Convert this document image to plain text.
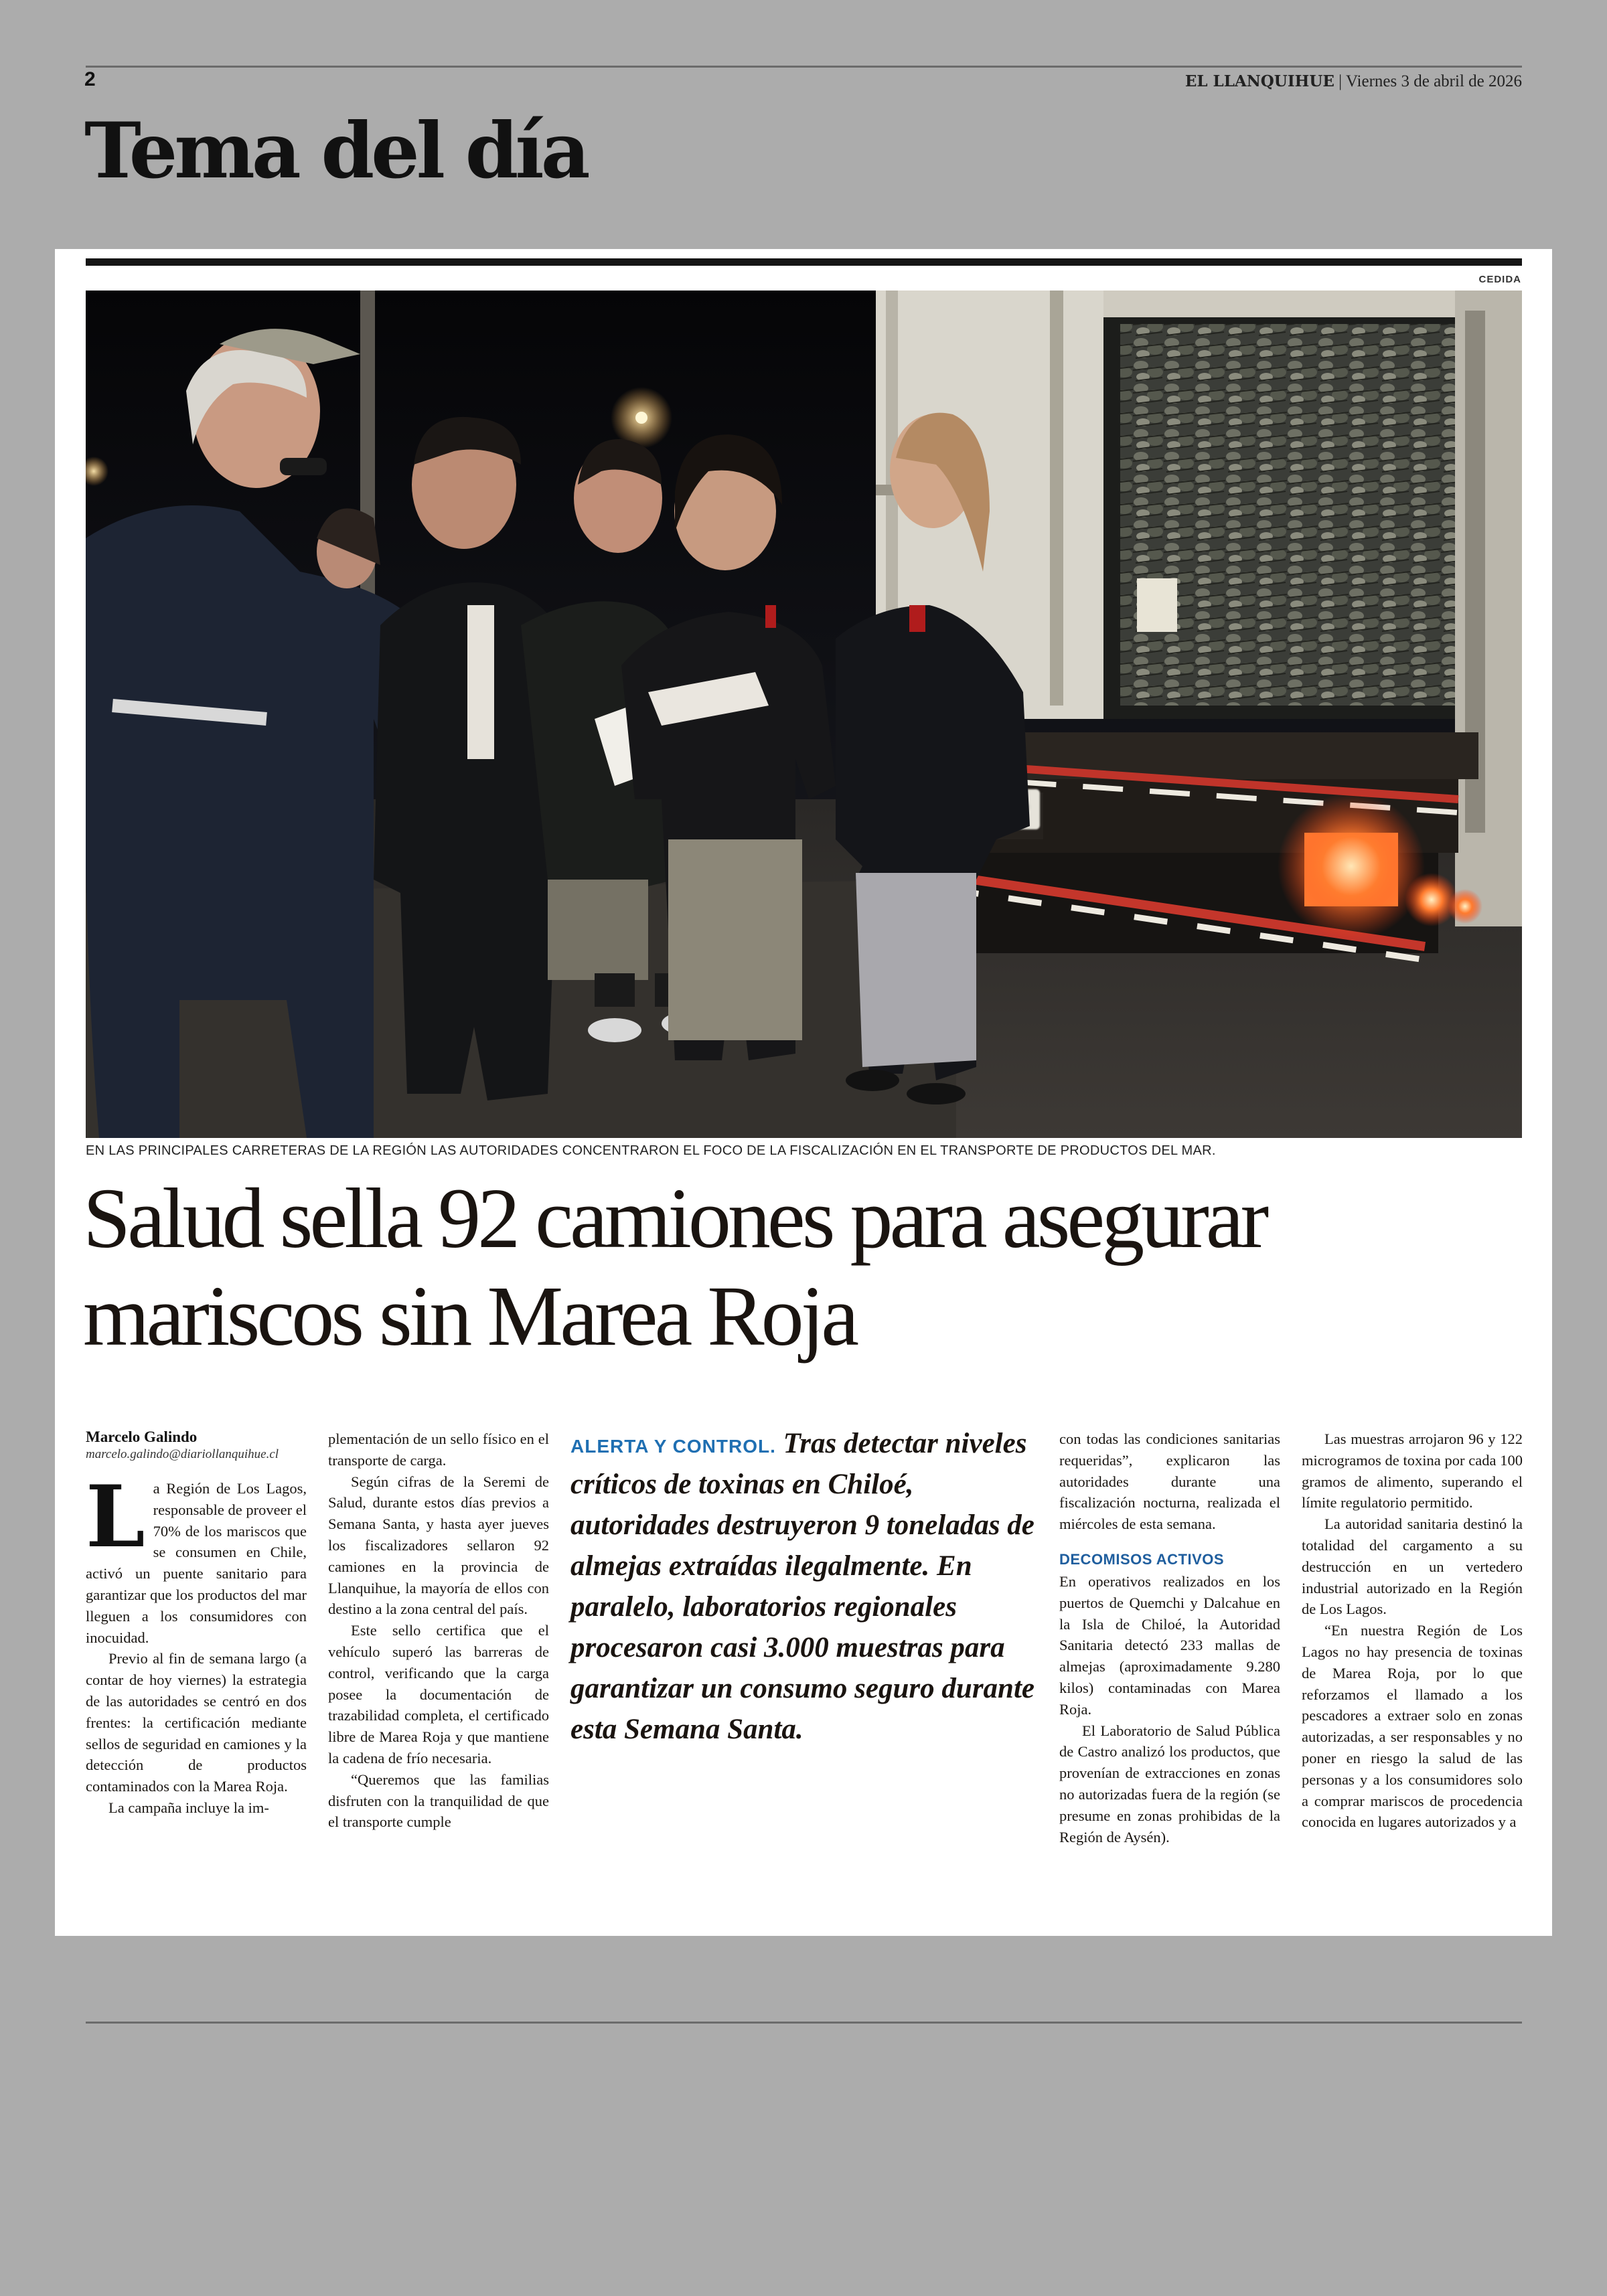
2	EL LLANQUIHUE | Viernes 3 de abril de 2026
Tema del día
CEDIDA
EN LAS PRINCIPALES CARRETERAS DE LA REGIÓN LAS AUTORIDADES CONCENTRARON EL FOCO DE LA FISCALIZACIÓN EN EL TRANSPORTE DE PRODUCTOS DEL MAR.
Salud sella 92 camiones para asegurar mariscos sin Marea Roja
Marcelo Galindo
marcelo.galindo@diariollanquihue.cl

La Región de Los Lagos, responsable de proveer el 70% de los mariscos que se consumen en Chile, activó un puente sanitario para garantizar que los productos del mar lleguen a los consumidores con inocuidad.

Previo al fin de semana largo (a contar de hoy viernes) la estrategia de las autoridades se centró en dos frentes: la certificación mediante sellos de seguridad en camiones y la detección de productos contaminados con la Marea Roja.

La campaña incluye la im-

plementación de un sello físico en el transporte de carga.

Según cifras de la Seremi de Salud, durante estos días previos a Semana Santa, y hasta ayer jueves los fiscalizadores sellaron 92 camiones en la provincia de Llanquihue, la mayoría de ellos con destino a la zona central del país.

Este sello certifica que el vehículo superó las barreras de control, verificando que la carga posee la documentación de trazabilidad completa, el certificado libre de Marea Roja y que mantiene la cadena de frío necesaria.

“Queremos que las familias disfruten con la tranquilidad de que el transporte cumple

ALERTA Y CONTROL. Tras detectar niveles críticos de toxinas en Chiloé, autoridades destruyeron 9 toneladas de almejas extraídas ilegalmente. En paralelo, laboratorios regionales procesaron casi 3.000 muestras para garantizar un consumo seguro durante esta Semana Santa.

con todas las condiciones sanitarias requeridas”, explicaron las autoridades durante una fiscalización nocturna, realizada el miércoles de esta semana.

DECOMISOS ACTIVOS

En operativos realizados en los puertos de Quemchi y Dalcahue en la Isla de Chiloé, la Autoridad Sanitaria detectó 233 mallas de almejas (aproximadamente 9.280 kilos) contaminadas con Marea Roja.

El Laboratorio de Salud Pública de Castro analizó los productos, que provenían de extracciones en zonas no autorizadas fuera de la región (se presume en zonas prohibidas de la Región de Aysén).

Las muestras arrojaron 96 y 122 microgramos de toxina por cada 100 gramos de alimento, superando el límite regulatorio permitido.

La autoridad sanitaria destinó la totalidad del cargamento a su destrucción en un vertedero industrial autorizado en la Región de Los Lagos.

“En nuestra Región de Los Lagos no hay presencia de toxinas de Marea Roja, por lo que reforzamos el llamado a los pescadores a extraer solo en zonas autorizadas, a ser responsables y no poner en riesgo la salud de las personas y a los consumidores solo a comprar mariscos de procedencia conocida en lugares autorizados y a
